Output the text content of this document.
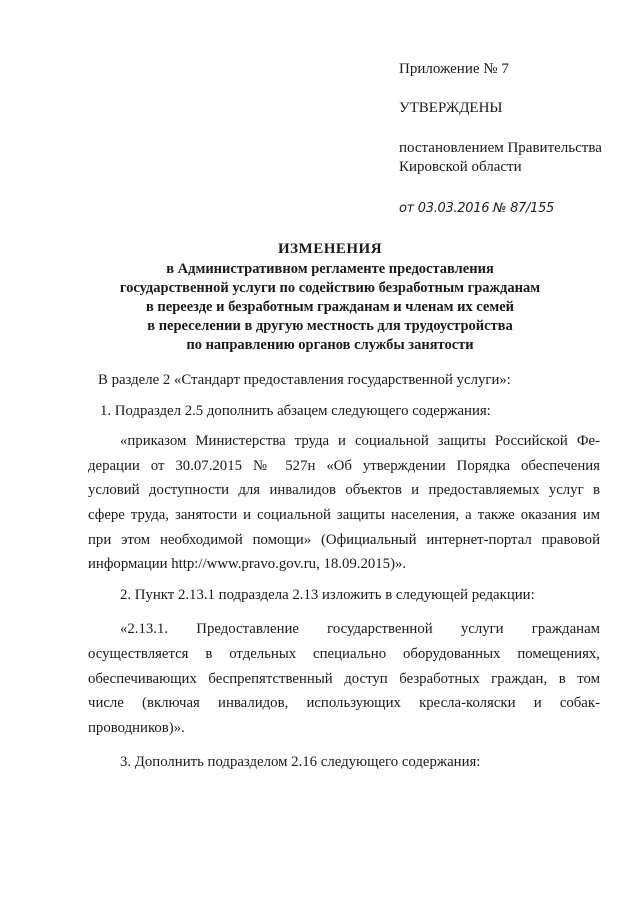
Приложение № 7
УТВЕРЖДЕНЫ
постановлением Правительства
Кировской области
от 03.03.2016 № 87/155
ИЗМЕНЕНИЯ
в Административном регламенте предоставления
государственной услуги по содействию безработным гражданам
в переезде и безработным гражданам и членам их семей
в переселении в другую местность для трудоустройства
по направлению органов службы занятости

В разделе 2 «Стандарт предоставления государственной услуги»:

1. Подраздел 2.5 дополнить абзацем следующего содержания:

«приказом Министерства труда и социальной защиты Российской Фе-
дерации от 30.07.2015 № 527н «Об утверждении Порядка обеспечения
условий доступности для инвалидов объектов и предоставляемых услуг в
сфере труда, занятости и социальной защиты населения, а также оказания им
при этом необходимой помощи» (Официальный интернет-портал правовой
информации http://www.pravo.gov.ru, 18.09.2015)».

2. Пункт 2.13.1 подраздела 2.13 изложить в следующей редакции:

«2.13.1. Предоставление государственной услуги гражданам
осуществляется в отдельных специально оборудованных помещениях,
обеспечивающих беспрепятственный доступ безработных граждан, в том
числе (включая инвалидов, использующих кресла-коляски и собак-
проводников)».

3. Дополнить подразделом 2.16 следующего содержания:
